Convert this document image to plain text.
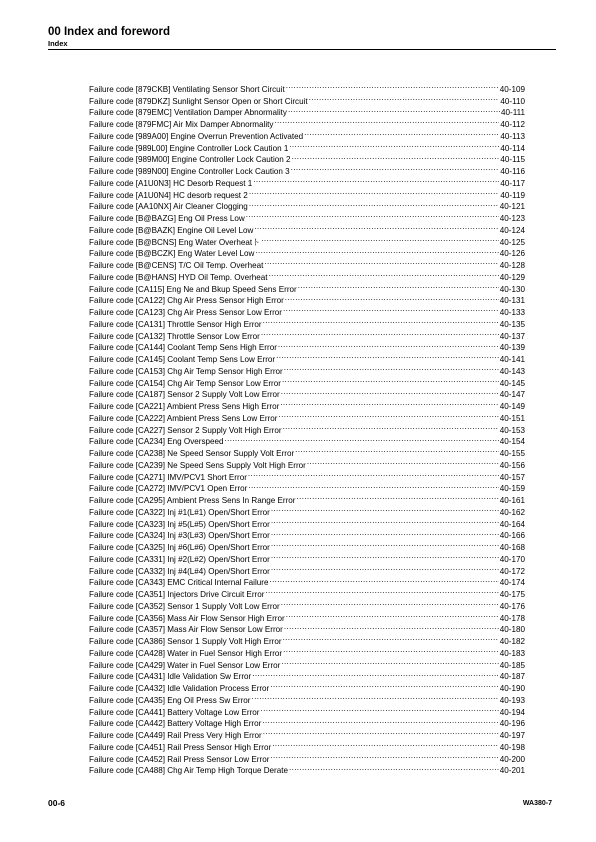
00 Index and foreword
Index
Failure code [879CKB] Ventilating Sensor Short Circuit .....	40-109
Failure code [879DKZ] Sunlight Sensor Open or Short Circuit .....	40-110
Failure code [879EMC] Ventilation Damper Abnormality .....	40-111
Failure code [879FMC] Air Mix Damper Abnormality .....	40-112
Failure code [989A00] Engine Overrun Prevention Activated .....	40-113
Failure code [989L00] Engine Controller Lock Caution 1 .....	40-114
Failure code [989M00] Engine Controller Lock Caution 2 .....	40-115
Failure code [989N00] Engine Controller Lock Caution 3 .....	40-116
Failure code [A1U0N3] HC Desorb Request 1 .....	40-117
Failure code [A1U0N4] HC desorb request 2 .....	40-119
Failure code [AA10NX] Air Cleaner Clogging .....	40-121
Failure code [B@BAZG] Eng Oil Press Low .....	40-123
Failure code [B@BAZK] Engine Oil Level Low .....	40-124
Failure code [B@BCNS] Eng Water Overheatト .....	40-125
Failure code [B@BCZK] Eng Water Level Low .....	40-126
Failure code [B@CENS] T/C Oil Temp. Overheat .....	40-128
Failure code [B@HANS] HYD Oil Temp. Overheat .....	40-129
Failure code [CA115] Eng Ne and Bkup Speed Sens Error .....	40-130
Failure code [CA122] Chg Air Press Sensor High Error .....	40-131
Failure code [CA123] Chg Air Press Sensor Low Error .....	40-133
Failure code [CA131] Throttle Sensor High Error .....	40-135
Failure code [CA132] Throttle Sensor Low Error .....	40-137
Failure code [CA144] Coolant Temp Sens High Error .....	40-139
Failure code [CA145] Coolant Temp Sens Low Error .....	40-141
Failure code [CA153] Chg Air Temp Sensor High Error .....	40-143
Failure code [CA154] Chg Air Temp Sensor Low Error .....	40-145
Failure code [CA187] Sensor 2 Supply Volt Low Error .....	40-147
Failure code [CA221] Ambient Press Sens High Error .....	40-149
Failure code [CA222] Ambient Press Sens Low Error .....	40-151
Failure code [CA227] Sensor 2 Supply Volt High Error .....	40-153
Failure code [CA234] Eng Overspeed .....	40-154
Failure code [CA238] Ne Speed Sensor Supply Volt Error .....	40-155
Failure code [CA239] Ne Speed Sens Supply Volt High Error .....	40-156
Failure code [CA271] IMV/PCV1 Short Error .....	40-157
Failure code [CA272] IMV/PCV1 Open Error .....	40-159
Failure code [CA295] Ambient Press Sens In Range Error .....	40-161
Failure code [CA322] Inj #1(L#1) Open/Short Error .....	40-162
Failure code [CA323] Inj #5(L#5) Open/Short Error .....	40-164
Failure code [CA324] Inj #3(L#3) Open/Short Error .....	40-166
Failure code [CA325] Inj #6(L#6) Open/Short Error .....	40-168
Failure code [CA331] Inj #2(L#2) Open/Short Error .....	40-170
Failure code [CA332] Inj #4(L#4) Open/Short Error .....	40-172
Failure code [CA343] EMC Critical Internal Failure .....	40-174
Failure code [CA351] Injectors Drive Circuit Error .....	40-175
Failure code [CA352] Sensor 1 Supply Volt Low Error .....	40-176
Failure code [CA356] Mass Air Flow Sensor High Error .....	40-178
Failure code [CA357] Mass Air Flow Sensor Low Error .....	40-180
Failure code [CA386] Sensor 1 Supply Volt High Error .....	40-182
Failure code [CA428] Water in Fuel Sensor High Error .....	40-183
Failure code [CA429] Water in Fuel Sensor Low Error .....	40-185
Failure code [CA431] Idle Validation Sw Error .....	40-187
Failure code [CA432] Idle Validation Process Error .....	40-190
Failure code [CA435] Eng Oil Press Sw Error .....	40-193
Failure code [CA441] Battery Voltage Low Error .....	40-194
Failure code [CA442] Battery Voltage High Error .....	40-196
Failure code [CA449] Rail Press Very High Error .....	40-197
Failure code [CA451] Rail Press Sensor High Error .....	40-198
Failure code [CA452] Rail Press Sensor Low Error .....	40-200
Failure code [CA488] Chg Air Temp High Torque Derate .....	40-201
00-6	WA380-7
